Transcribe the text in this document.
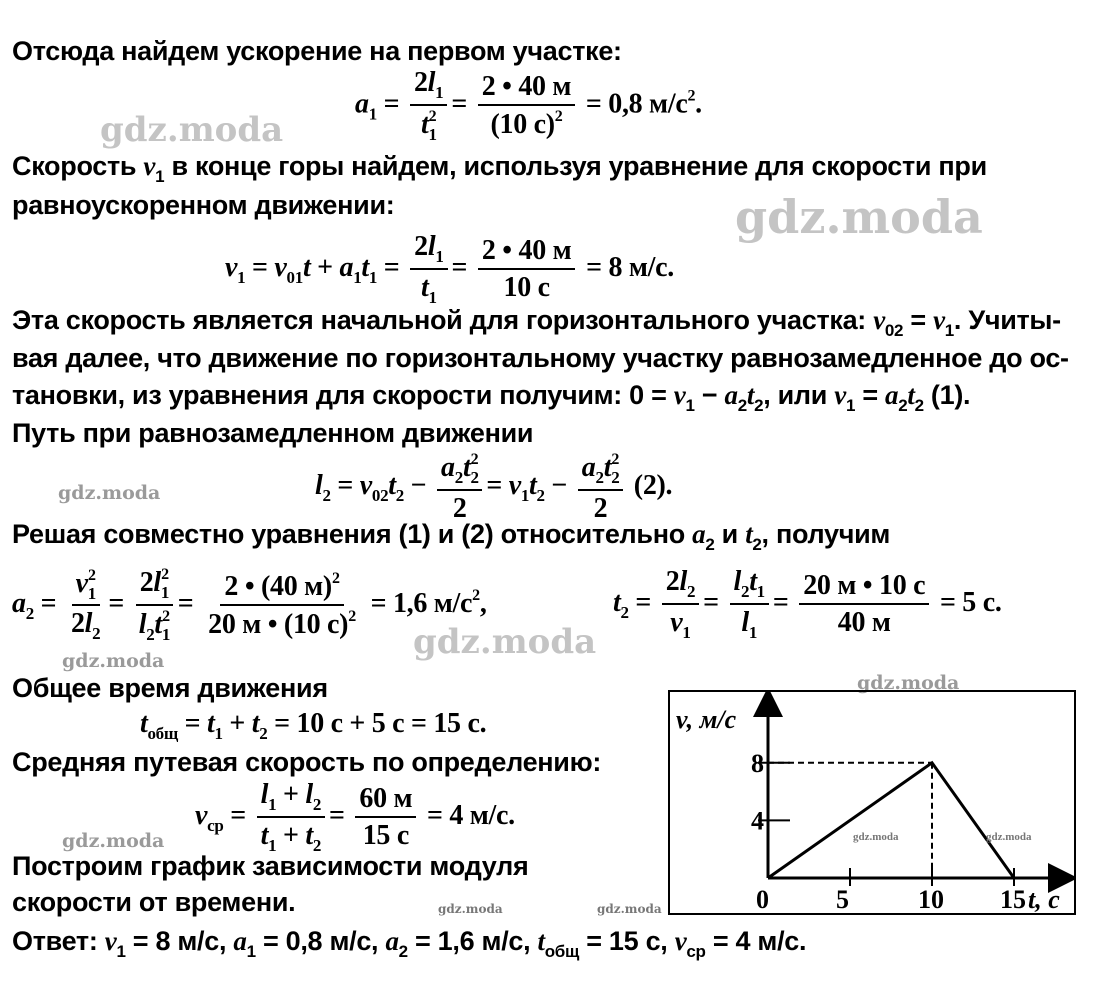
Отсюда найдем ускорение на первом участке:
$a_1 = \frac{2l_1}{t_1^2} = \frac{2 • 40 м}{(10 с)^2} = 0,8$ $м/с^2$.
gdz.moda
Скорость $v_1$ в конце горы найдем, используя уравнение для скорости при
равноускоренном движении:	gdz.moda
$v_1 = v_{01}t + a_1t_1 = \frac{2l_1}{t_1} = \frac{2 • 40 м}{10 с} = 8$ м/с.
Эта скорость является начальной для горизонтального участка: $v_{02} = v_1$. Учиты-
вая далее, что движение по горизонтальному участку равнозамедленное до ос-
тановки, из уравнения для скорости получим: $0 = v_1 - a_2t_2$, или $v_1 = a_2t_2$ (1).
Путь при равнозамедленном движении
$l_2 = v_{02}t_2 - \frac{a_2t_2^2}{2} = v_1t_2 - \frac{a_2t_2^2}{2} (2)$.
gdz.moda
Решая совместно уравнения (1) и (2) относительно $a_2$ и $t_2$, получим
$a_2 = \frac{v_1^2}{2l_2} = \frac{2l_1^2}{l_2t_1^2} = \frac{2 • (40 м)^2}{20 м • (10 с)^2} = 1,6$ $м/с^2$,	$t_2 = \frac{2l_2}{v_1} = \frac{l_2t_1}{l_1} = \frac{20 м • 10 с}{40 м} = 5$ с.
gdz.moda
gdz.moda
gdz.moda
Общее время движения
$t_{общ} = t_1 + t_2 = 10$ с + 5 с = 15 с.
Средняя путевая скорость по определению:
$v_{ср} = \frac{l_1 + l_2}{t_1 + t_2} = \frac{60 м}{15 с} = 4$ м/с.
gdz.moda
Построим график зависимости модуля
скорости от времени.	gdz.moda	gdz.moda
Ответ: $v_1 = 8$ м/с, $a_1 = 0,8$ м/с, $a_2 = 1,6$ м/с, $t_{общ} = 15$ с, $v_{ср} = 4$ м/с.
v, м/с
t, c
0	5	10 15
4
8
gdz.moda	gdz.moda
